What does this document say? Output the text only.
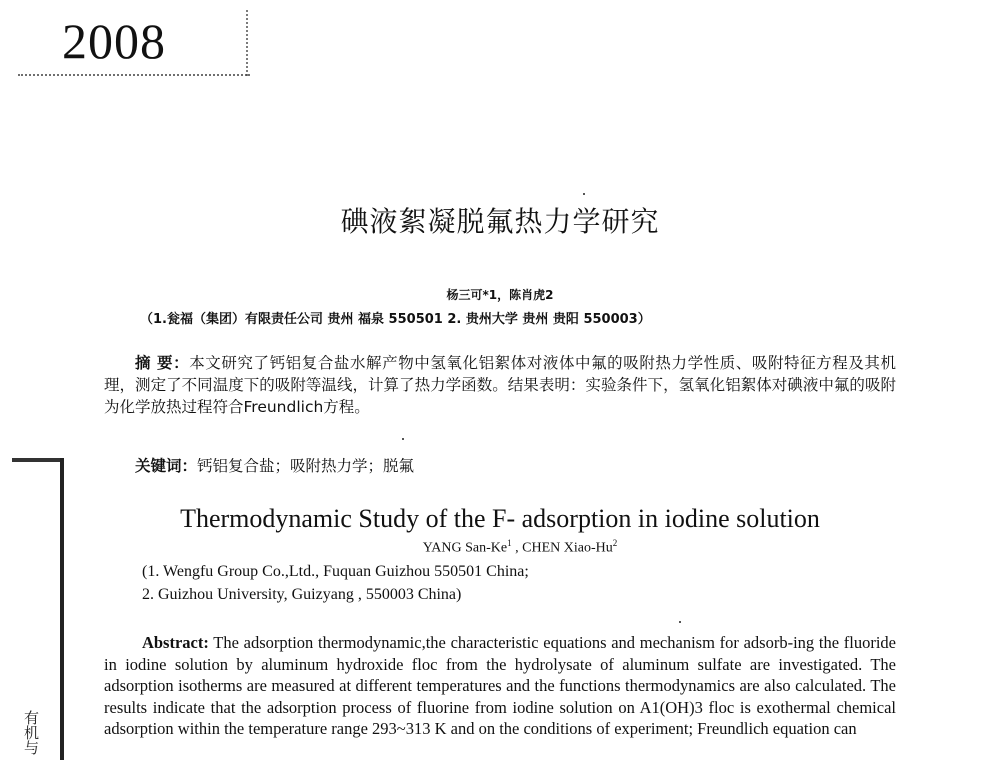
2008
碘液絮凝脱氟热力学研究
杨三可*1，陈肖虎2
（1.瓮福（集团）有限责任公司 贵州 福泉 550501 2. 贵州大学 贵州 贵阳 550003）
摘 要：本文研究了钙铝复合盐水解产物中氢氧化铝絮体对液体中氟的吸附热力学性质、吸附特征方程及其机理，测定了不同温度下的吸附等温线，计算了热力学函数。结果表明：实验条件下，氢氧化铝絮体对碘液中氟的吸附为化学放热过程符合Freundlich方程。
关键词：钙铝复合盐；吸附热力学；脱氟
Thermodynamic Study of the F- adsorption in iodine solution
YANG San-Ke$^1$ , CHEN Xiao-Hu$^2$
(1. Wengfu Group Co.,Ltd., Fuquan Guizhou 550501 China;
2. Guizhou University, Guizyang , 550003 China)
Abstract: The adsorption thermodynamic,the characteristic equations and mechanism for adsorb-ing the fluoride in iodine solution by aluminum hydroxide floc from the hydrolysate of aluminum sulfate are investigated. The adsorption isotherms are measured at different temperatures and the functions thermodynamics are also calculated. The results indicate that the adsorption process of fluorine from iodine solution on A1(OH)3 floc is exothermal chemical adsorption within the temperature range 293~313 K and on the conditions of experiment; Freundlich equation can
有机与
